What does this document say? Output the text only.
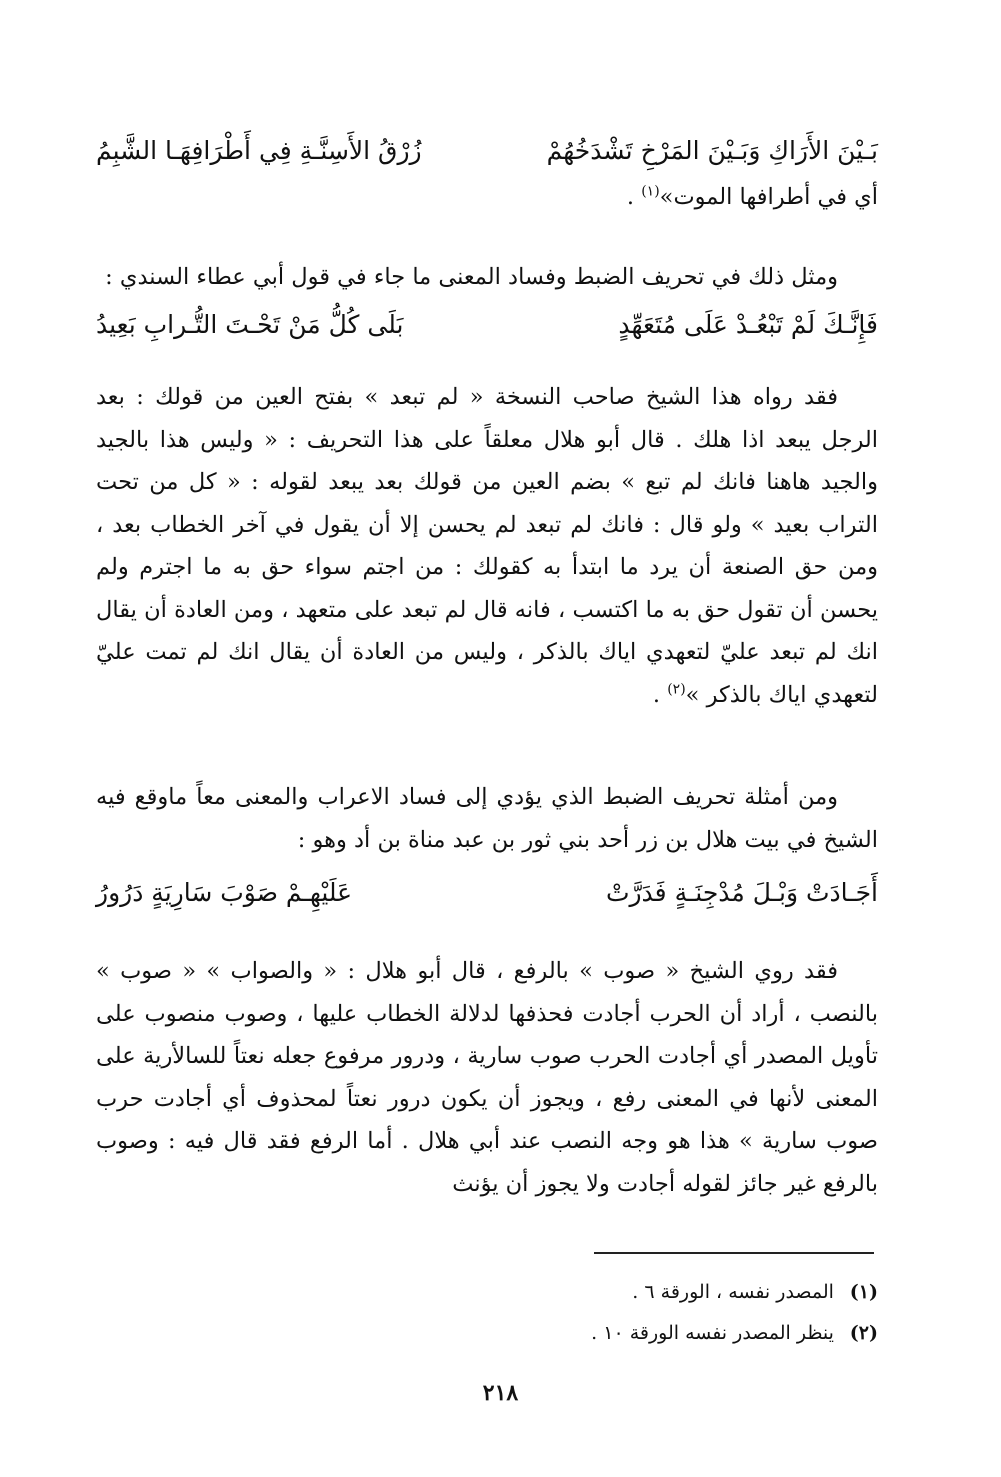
بَـيْنَ الأَرَاكِ وَبَـيْنَ المَرْخِ تَشْدَخُهُمْ
زُرْقُ الأَسِنَّـةِ فِي أَطْرَافِهَـا الشَّبِمُ

أي في أطرافها الموت»$^{(١)}$ .

ومثل ذلك في تحريف الضبط وفساد المعنى ما جاء في قول أبي عطاء السندي :

فَإِنَّـكَ لَمْ تَبْعُـدْ عَلَى مُتَعَهِّدٍ
بَلَى كُلُّ مَنْ تَحْـتَ التُّـرابِ بَعِيدُ

فقد رواه هذا الشيخ صاحب النسخة « لم تبعد » بفتح العين من قولك : بعد الرجل يبعد اذا هلك . قال أبو هلال معلقاً على هذا التحريف : « وليس هذا بالجيد والجيد هاهنا فانك لم تبع » بضم العين من قولك بعد يبعد لقوله : « كل من تحت التراب بعيد » ولو قال : فانك لم تبعد لم يحسن إلا أن يقول في آخر الخطاب بعد ، ومن حق الصنعة أن يرد ما ابتدأ به كقولك : من اجتم سواء حق به ما اجترم ولم يحسن أن تقول حق به ما اكتسب ، فانه قال لم تبعد على متعهد ، ومن العادة أن يقال انك لم تبعد عليّ لتعهدي اياك بالذكر ، وليس من العادة أن يقال انك لم تمت عليّ لتعهدي اياك بالذكر »$^{(٢)}$ .

ومن أمثلة تحريف الضبط الذي يؤدي إلى فساد الاعراب والمعنى معاً ماوقع فيه الشيخ في بيت هلال بن زر أحد بني ثور بن عبد مناة بن أد وهو :

أَجَـادَتْ وَبْـلَ مُدْجِنَـةٍ فَدَرَّتْ
عَلَيْهِـمْ صَوْبَ سَارِيَةٍ دَرُورُ

فقد روي الشيخ « صوب » بالرفع ، قال أبو هلال : « والصواب » « صوب » بالنصب ، أراد أن الحرب أجادت فحذفها لدلالة الخطاب عليها ، وصوب منصوب على تأويل المصدر أي أجادت الحرب صوب سارية ، ودرور مرفوع جعله نعتاً للسالأرية على المعنى لأنها في المعنى رفع ، ويجوز أن يكون درور نعتاً لمحذوف أي أجادت حرب صوب سارية » هذا هو وجه النصب عند أبي هلال . أما الرفع فقد قال فيه : وصوب بالرفع غير جائز لقوله أجادت ولا يجوز أن يؤنث

(١) المصدر نفسه ، الورقة ٦ .
(٢) ينظر المصدر نفسه الورقة ١٠ .
٢١٨
